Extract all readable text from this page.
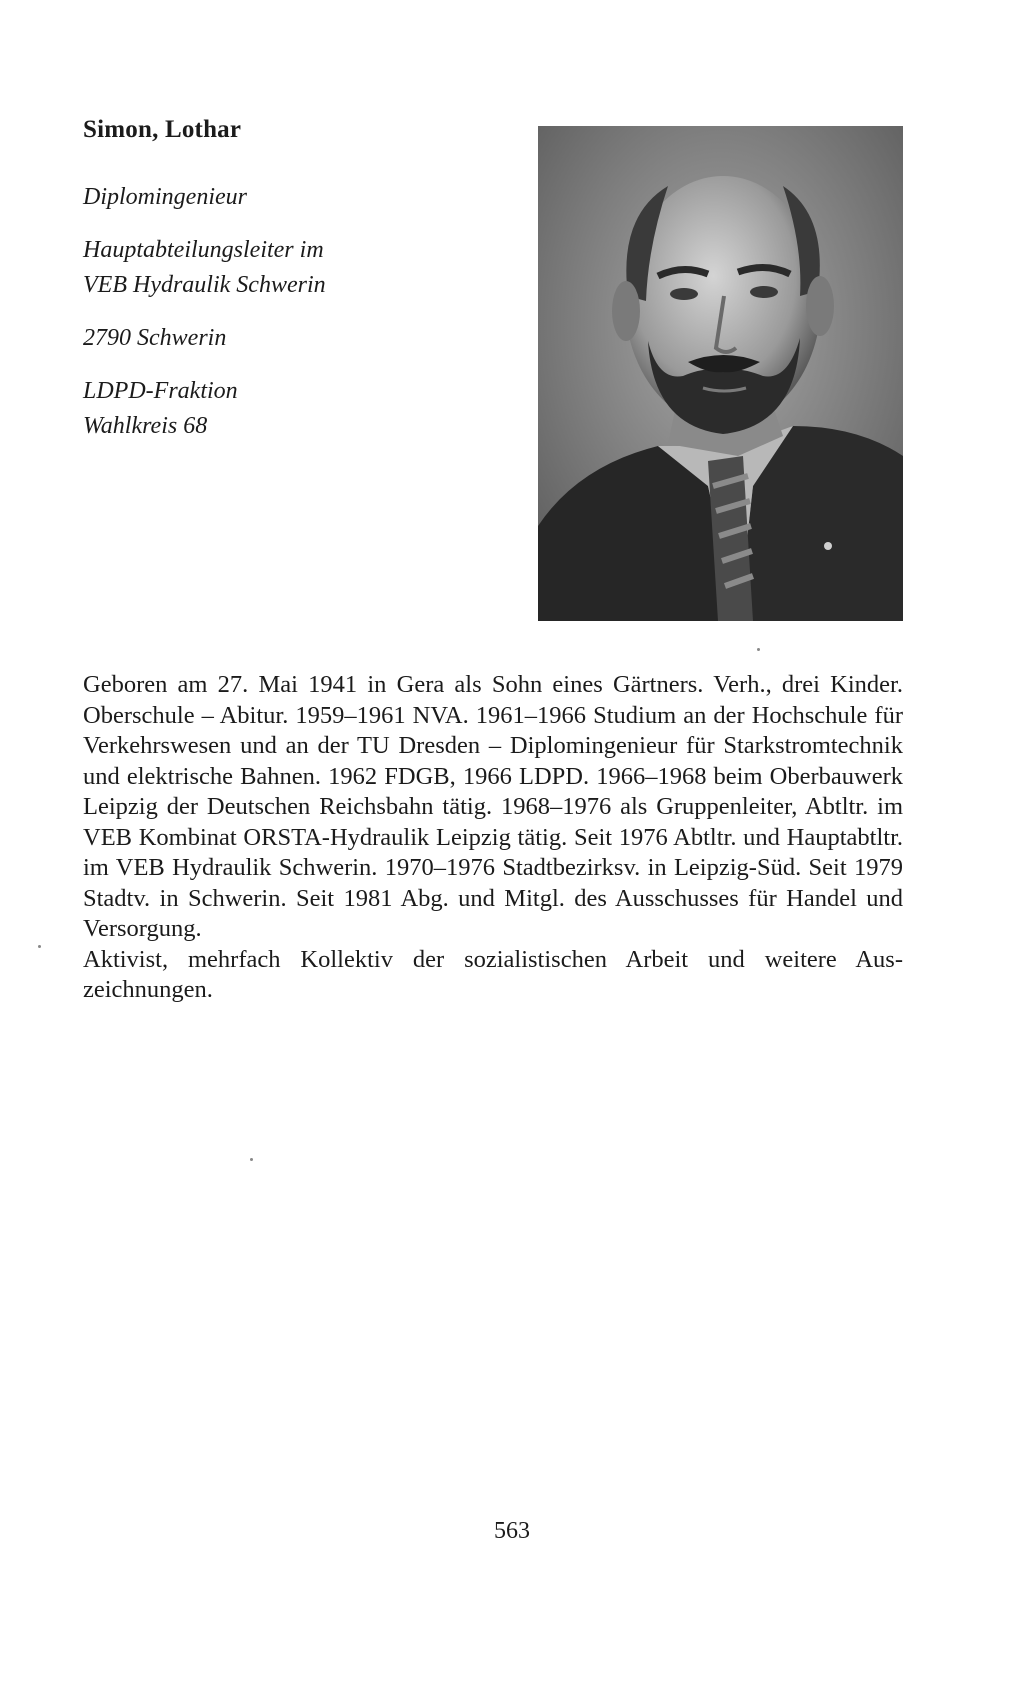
Simon, Lothar
Diplomingenieur
Hauptabteilungsleiter im
VEB Hydraulik Schwerin
2790 Schwerin
LDPD-Fraktion
Wahlkreis 68

Geboren am 27. Mai 1941 in Gera als Sohn eines Gärtners. Verh., drei Kinder. Oberschule – Abitur. 1959–1961 NVA. 1961–1966 Studium an der Hochschule für Verkehrswesen und an der TU Dresden – Diplomingenieur für Starkstromtechnik und elektrische Bahnen. 1962 FDGB, 1966 LDPD. 1966–1968 beim Oberbauwerk Leipzig der Deutschen Reichsbahn tätig. 1968–1976 als Gruppenleiter, Abtltr. im VEB Kombinat ORSTA-Hydraulik Leipzig tätig. Seit 1976 Abtltr. und Hauptabtltr. im VEB Hydraulik Schwerin. 1970–1976 Stadtbezirksv. in Leipzig-Süd. Seit 1979 Stadtv. in Schwerin. Seit 1981 Abg. und Mitgl. des Ausschusses für Handel und Versorgung.

Aktivist, mehrfach Kollektiv der sozialistischen Arbeit und weitere Auszeichnungen.

563
